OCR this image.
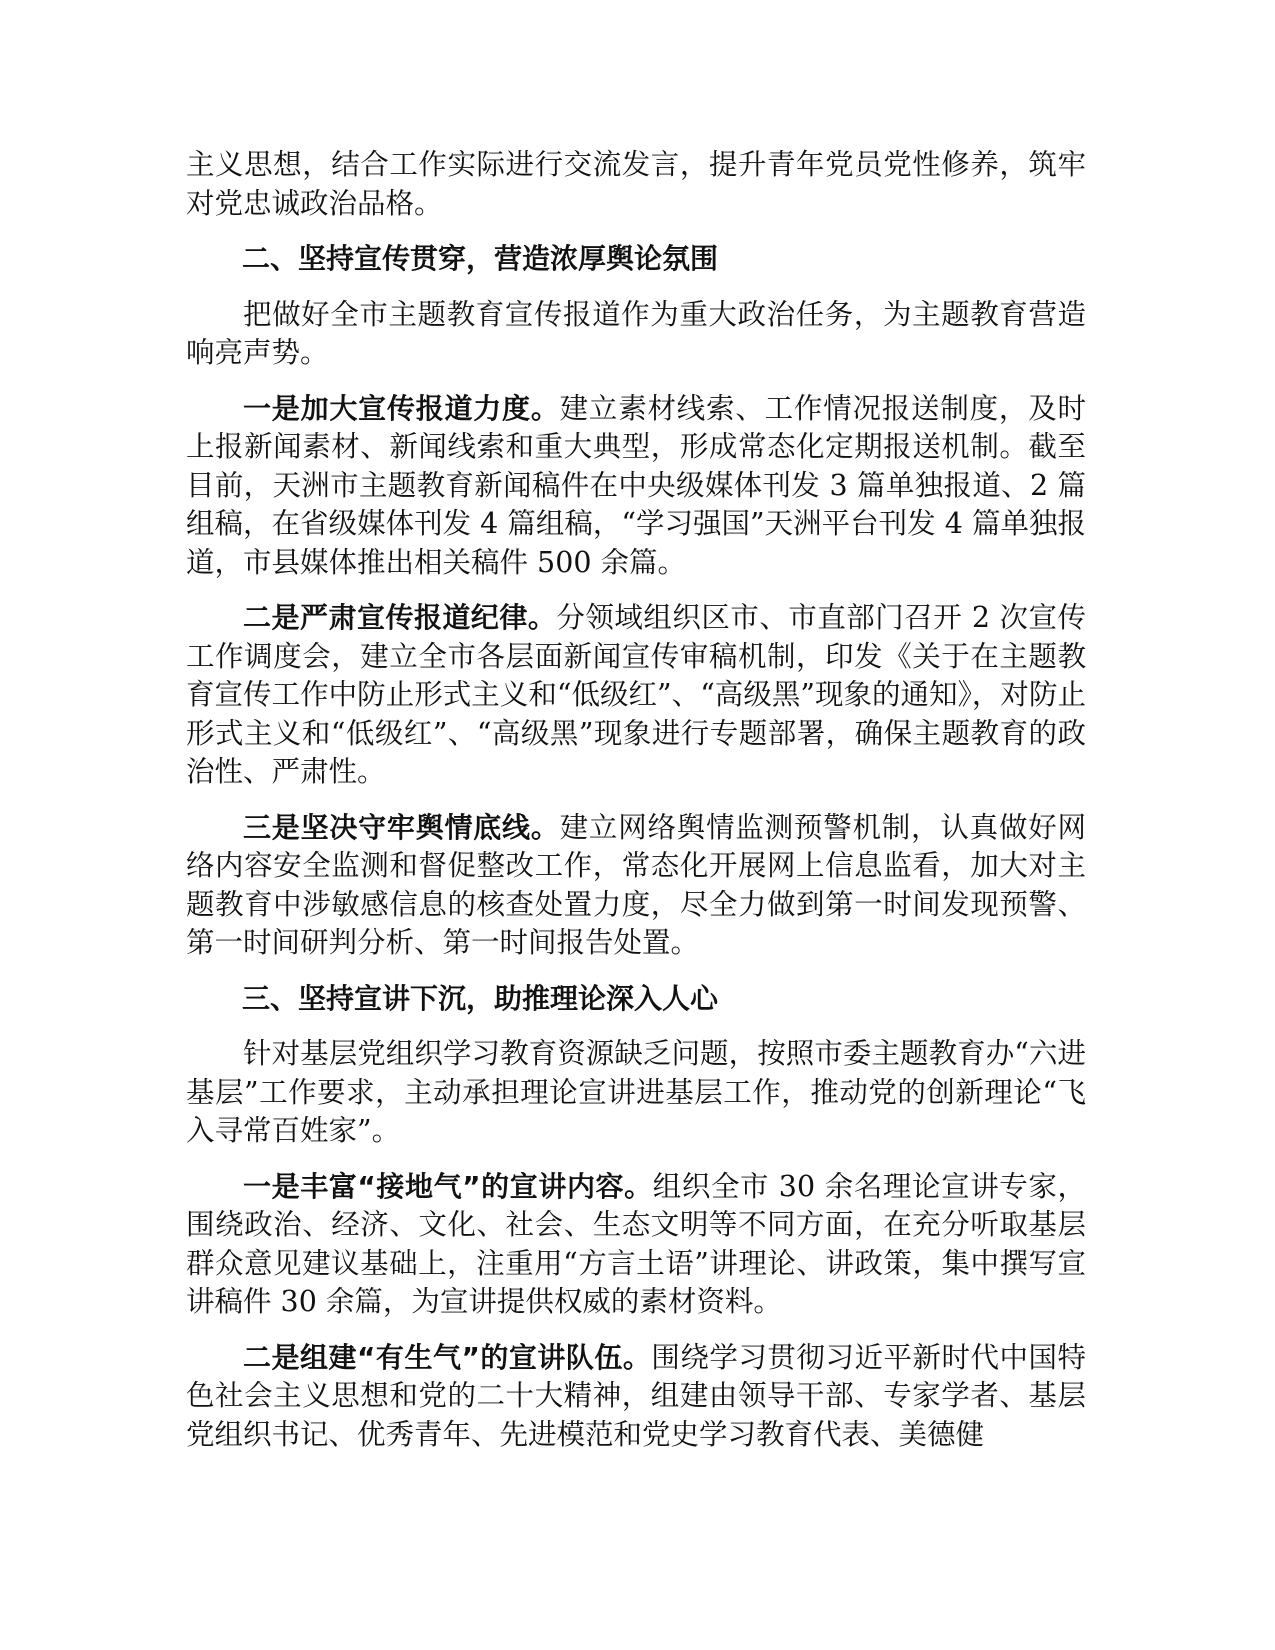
主义思想，结合工作实际进行交流发言，提升青年党员党性修养，筑牢对党忠诚政治品格。

二、坚持宣传贯穿，营造浓厚舆论氛围

把做好全市主题教育宣传报道作为重大政治任务，为主题教育营造响亮声势。

一是加大宣传报道力度。建立素材线索、工作情况报送制度，及时上报新闻素材、新闻线索和重大典型，形成常态化定期报送机制。截至目前，天洲市主题教育新闻稿件在中央级媒体刊发 3 篇单独报道、2 篇组稿，在省级媒体刊发 4 篇组稿，“学习强国”天洲平台刊发 4 篇单独报道，市县媒体推出相关稿件 500 余篇。

二是严肃宣传报道纪律。分领域组织区市、市直部门召开 2 次宣传工作调度会，建立全市各层面新闻宣传审稿机制，印发《关于在主题教育宣传工作中防止形式主义和“低级红”、“高级黑”现象的通知》，对防止形式主义和“低级红”、“高级黑”现象进行专题部署，确保主题教育的政治性、严肃性。

三是坚决守牢舆情底线。建立网络舆情监测预警机制，认真做好网络内容安全监测和督促整改工作，常态化开展网上信息监看，加大对主题教育中涉敏感信息的核查处置力度，尽全力做到第一时间发现预警、第一时间研判分析、第一时间报告处置。

三、坚持宣讲下沉，助推理论深入人心

针对基层党组织学习教育资源缺乏问题，按照市委主题教育办“六进基层”工作要求，主动承担理论宣讲进基层工作，推动党的创新理论“飞入寻常百姓家”。

一是丰富“接地气”的宣讲内容。组织全市 30 余名理论宣讲专家，围绕政治、经济、文化、社会、生态文明等不同方面，在充分听取基层群众意见建议基础上，注重用“方言土语”讲理论、讲政策，集中撰写宣讲稿件 30 余篇，为宣讲提供权威的素材资料。

二是组建“有生气”的宣讲队伍。围绕学习贯彻习近平新时代中国特色社会主义思想和党的二十大精神，组建由领导干部、专家学者、基层党组织书记、优秀青年、先进模范和党史学习教育代表、美德健
